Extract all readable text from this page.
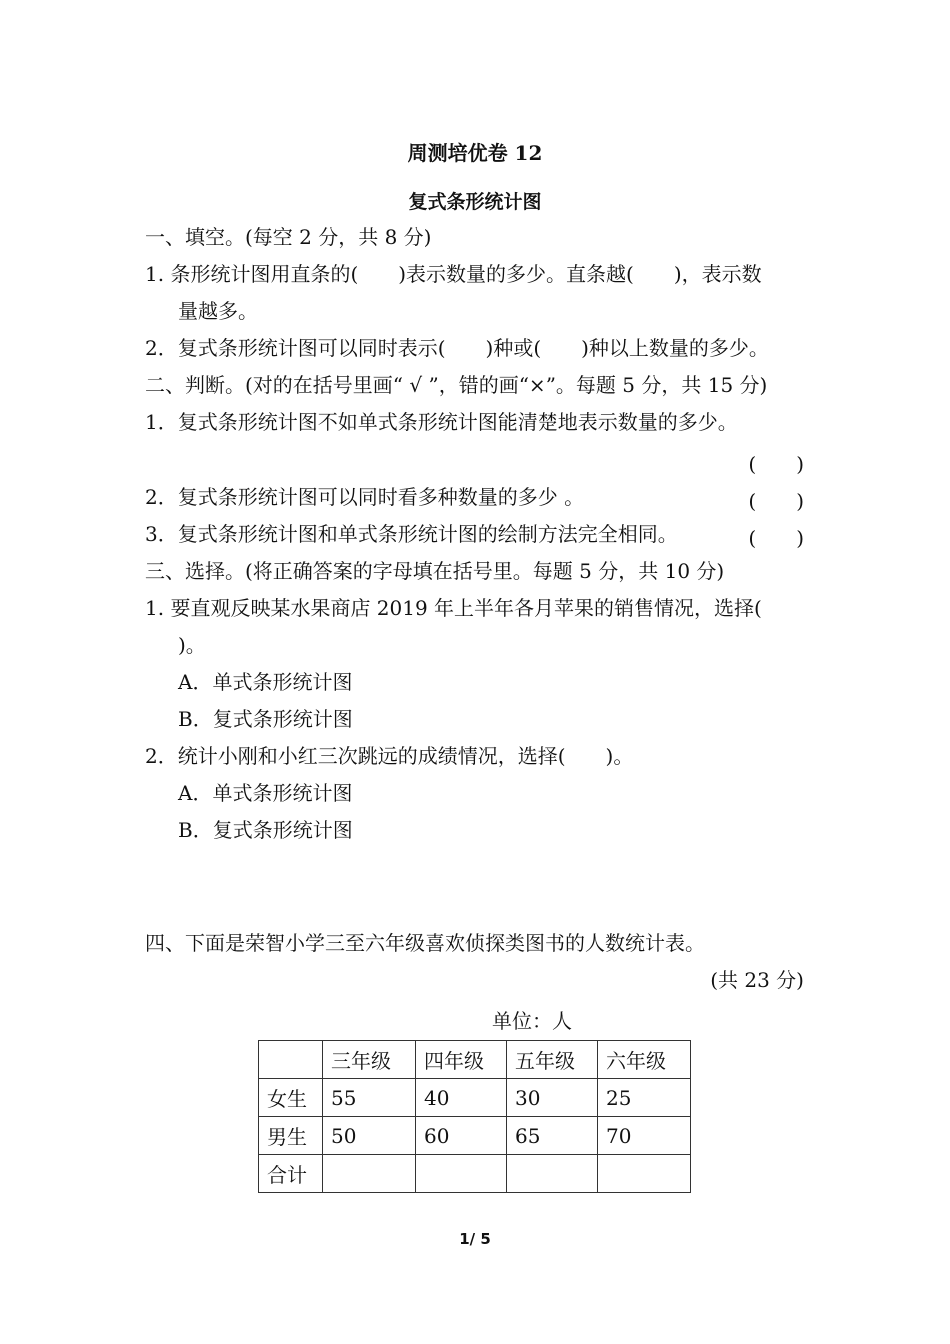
周测培优卷 12
复式条形统计图
一、填空。(每空 2 分，共 8 分)
1. 条形统计图用直条的(　　)表示数量的多少。直条越(　　)，表示数
量越多。
2．复式条形统计图可以同时表示(　　)种或(　　)种以上数量的多少。
二、判断。(对的在括号里画“ √ ”，错的画“×”。每题 5 分，共 15 分)
1．复式条形统计图不如单式条形统计图能清楚地表示数量的多少。
(　　)
2．复式条形统计图可以同时看多种数量的多少 。	(　　)
3．复式条形统计图和单式条形统计图的绘制方法完全相同。	(　　)
三、选择。(将正确答案的字母填在括号里。每题 5 分，共 10 分)
1. 要直观反映某水果商店 2019 年上半年各月苹果的销售情况，选择(
)。
A．单式条形统计图
B．复式条形统计图
2．统计小刚和小红三次跳远的成绩情况，选择(　　)。
A．单式条形统计图
B．复式条形统计图
四、下面是荣智小学三至六年级喜欢侦探类图书的人数统计表。
(共 23 分)
单位：人
	三年级	四年级	五年级	六年级
女生	55	40	30	25
男生	50	60	65	70
合计				
1/ 5
